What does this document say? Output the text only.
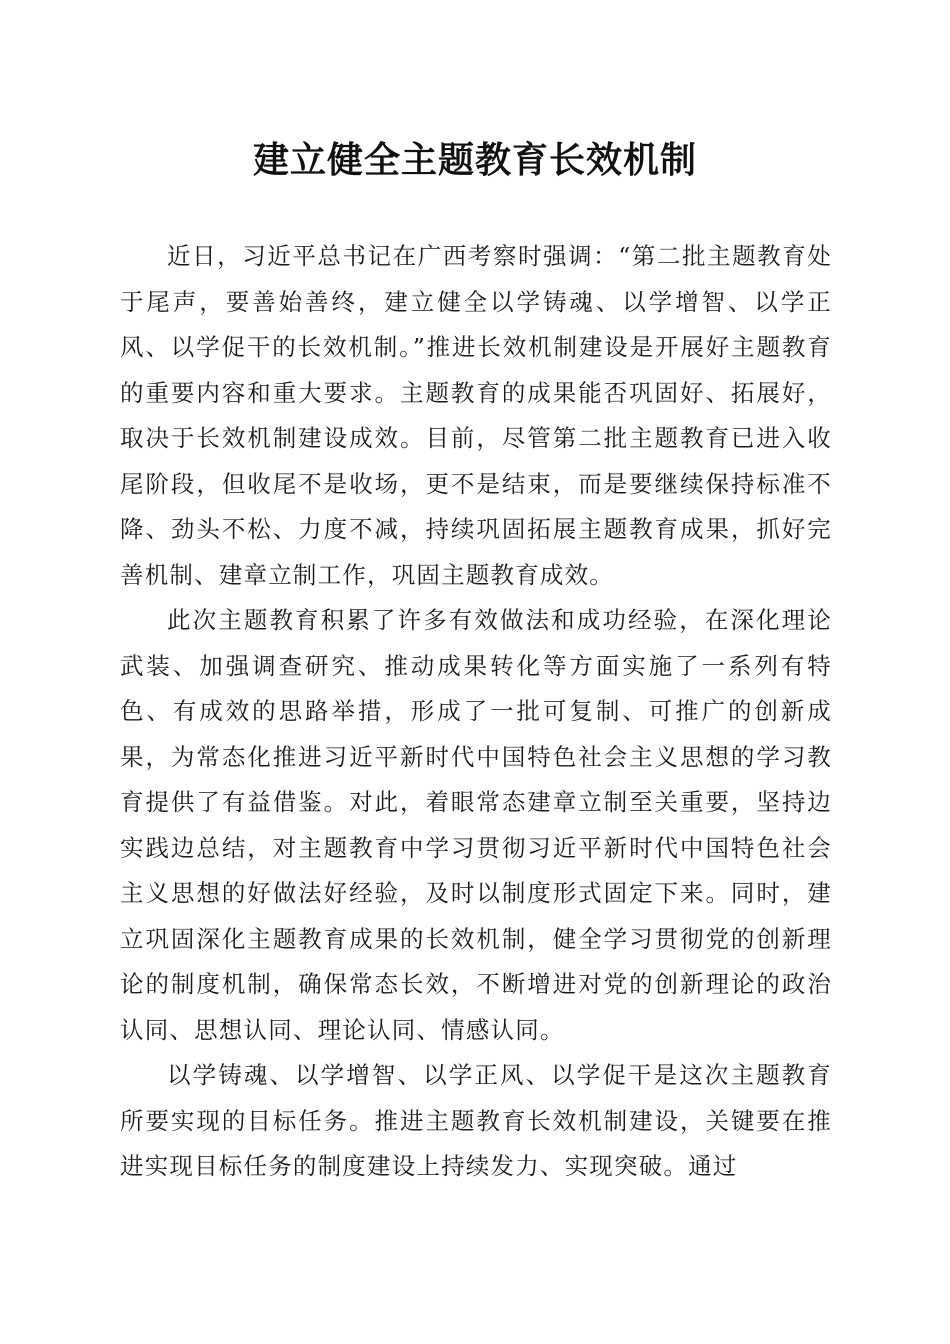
建立健全主题教育长效机制

近日，习近平总书记在广西考察时强调：“第二批主题教育处于尾声，要善始善终，建立健全以学铸魂、以学增智、以学正风、以学促干的长效机制。”推进长效机制建设是开展好主题教育的重要内容和重大要求。主题教育的成果能否巩固好、拓展好，取决于长效机制建设成效。目前，尽管第二批主题教育已进入收尾阶段，但收尾不是收场，更不是结束，而是要继续保持标准不降、劲头不松、力度不减，持续巩固拓展主题教育成果，抓好完善机制、建章立制工作，巩固主题教育成效。

此次主题教育积累了许多有效做法和成功经验，在深化理论武装、加强调查研究、推动成果转化等方面实施了一系列有特色、有成效的思路举措，形成了一批可复制、可推广的创新成果，为常态化推进习近平新时代中国特色社会主义思想的学习教育提供了有益借鉴。对此，着眼常态建章立制至关重要，坚持边实践边总结，对主题教育中学习贯彻习近平新时代中国特色社会主义思想的好做法好经验，及时以制度形式固定下来。同时，建立巩固深化主题教育成果的长效机制，健全学习贯彻党的创新理论的制度机制，确保常态长效，不断增进对党的创新理论的政治认同、思想认同、理论认同、情感认同。

以学铸魂、以学增智、以学正风、以学促干是这次主题教育所要实现的目标任务。推进主题教育长效机制建设，关键要在推进实现目标任务的制度建设上持续发力、实现突破。通过
